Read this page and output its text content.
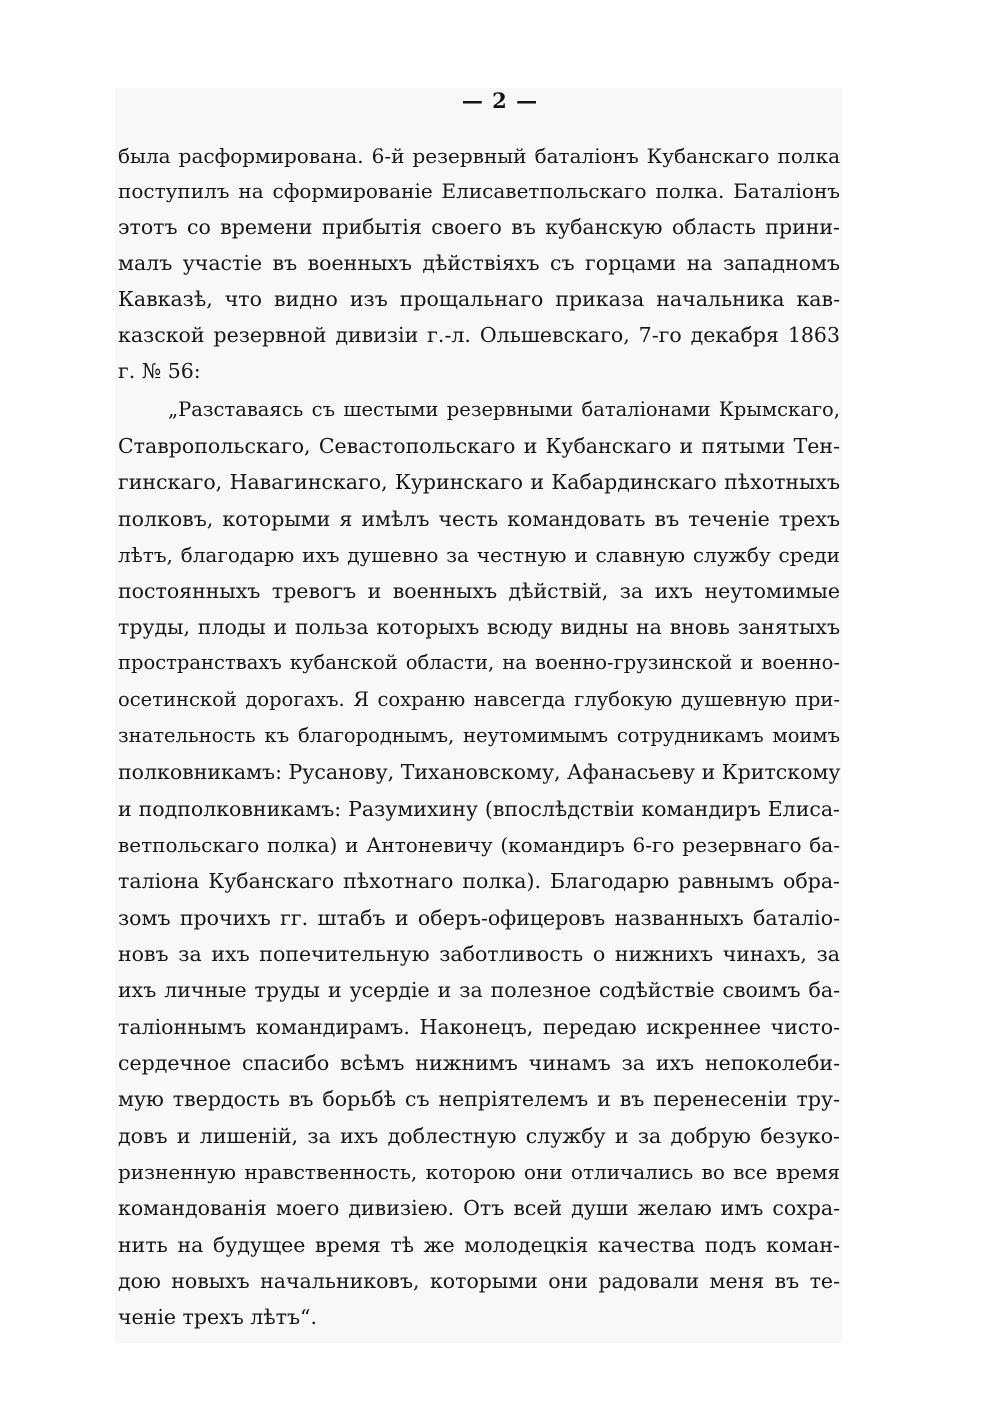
— 2 —
была расформирована. 6-й резервный баталіонъ Кубанскаго полка
поступилъ на сформированіе Елисаветпольскаго полка. Баталіонъ
этотъ со времени прибытія своего въ кубанскую область прини-
малъ участіе въ военныхъ дѣйствіяхъ съ горцами на западномъ
Кавказѣ, что видно изъ прощальнаго приказа начальника кав-
казской резервной дивизіи г.-л. Ольшевскаго, 7-го декабря 1863
г. № 56:
„Разставаясь съ шестыми резервными баталіонами Крымскаго,
Ставропольскаго, Севастопольскаго и Кубанскаго и пятыми Тен-
гинскаго, Навагинскаго, Куринскаго и Кабардинскаго пѣхотныхъ
полковъ, которыми я имѣлъ честь командовать въ теченіе трехъ
лѣтъ, благодарю ихъ душевно за честную и славную службу среди
постоянныхъ тревогъ и военныхъ дѣйствій, за ихъ неутомимые
труды, плоды и польза которыхъ всюду видны на вновь занятыхъ
пространствахъ кубанской области, на военно-грузинской и военно-
осетинской дорогахъ. Я сохраню навсегда глубокую душевную при-
знательность къ благороднымъ, неутомимымъ сотрудникамъ моимъ
полковникамъ: Русанову, Тихановскому, Афанасьеву и Критскому
и подполковникамъ: Разумихину (впослѣдствіи командиръ Елиса-
ветпольскаго полка) и Антоневичу (командиръ 6-го резервнаго ба-
таліона Кубанскаго пѣхотнаго полка). Благодарю равнымъ обра-
зомъ прочихъ гг. штабъ и оберъ-офицеровъ названныхъ баталіо-
новъ за ихъ попечительную заботливость о нижнихъ чинахъ, за
ихъ личные труды и усердіе и за полезное содѣйствіе своимъ ба-
таліоннымъ командирамъ. Наконецъ, передаю искреннее чисто-
сердечное спасибо всѣмъ нижнимъ чинамъ за ихъ непоколеби-
мую твердость въ борьбѣ съ непріятелемъ и въ перенесеніи тру-
довъ и лишеній, за ихъ доблестную службу и за добрую безуко-
ризненную нравственность, которою они отличались во все время
командованія моего дивизіею. Отъ всей души желаю имъ сохра-
нить на будущее время тѣ же молодецкія качества подъ коман-
дою новыхъ начальниковъ, которыми они радовали меня въ те-
ченіе трехъ лѣтъ“.
